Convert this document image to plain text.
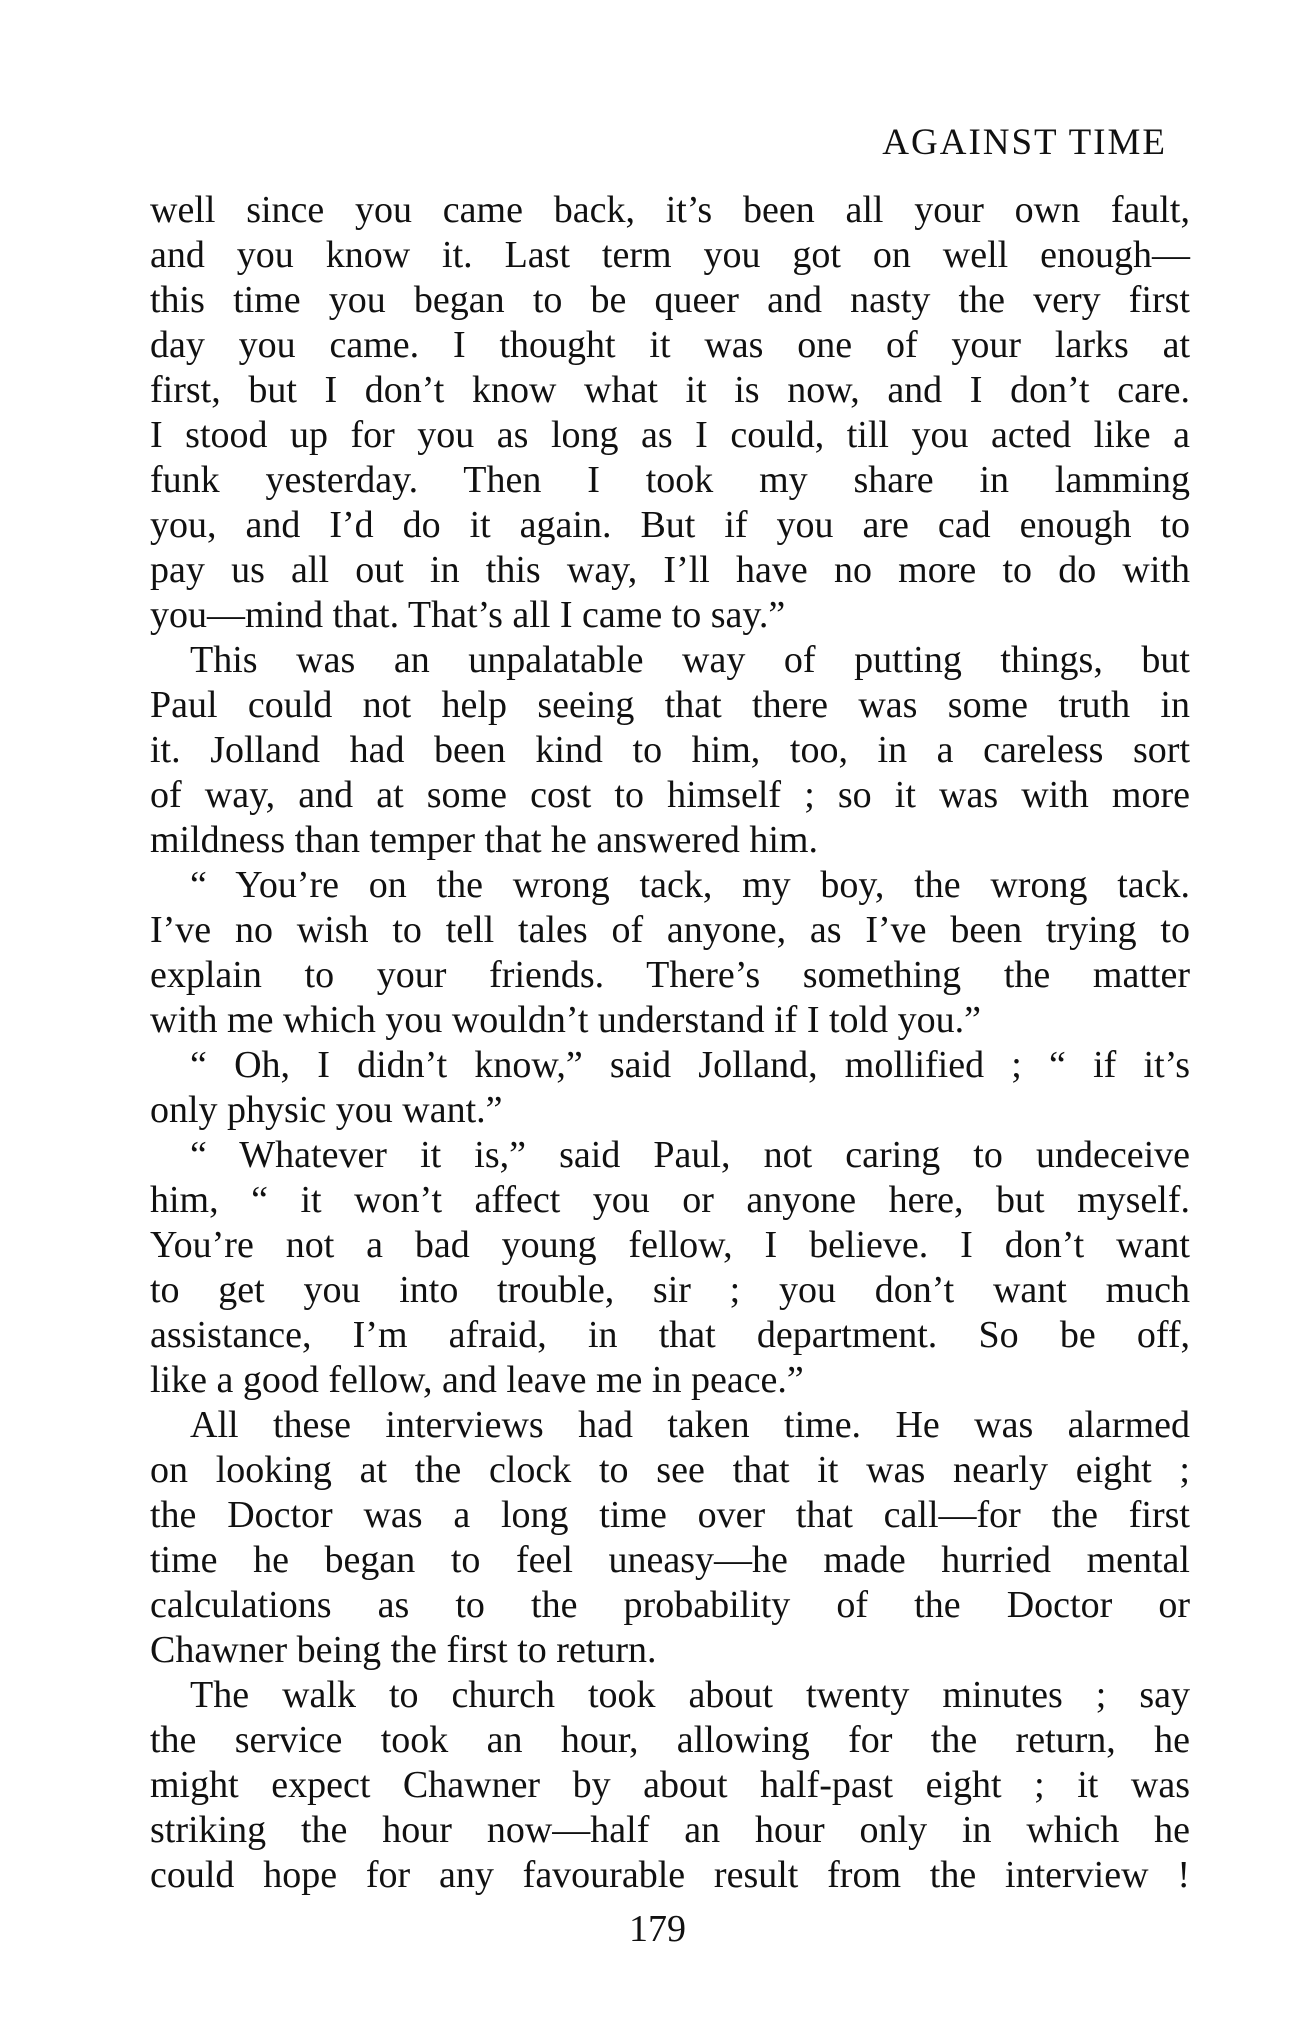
AGAINST TIME
well since you came back, it’s been all your own fault,
and you know it. Last term you got on well enough—
this time you began to be queer and nasty the very first
day you came. I thought it was one of your larks at
first, but I don’t know what it is now, and I don’t care.
I stood up for you as long as I could, till you acted like a
funk yesterday. Then I took my share in lamming
you, and I’d do it again. But if you are cad enough to
pay us all out in this way, I’ll have no more to do with
you—mind that. That’s all I came to say.”
This was an unpalatable way of putting things, but
Paul could not help seeing that there was some truth in
it. Jolland had been kind to him, too, in a careless sort
of way, and at some cost to himself ; so it was with more
mildness than temper that he answered him.
“ You’re on the wrong tack, my boy, the wrong tack.
I’ve no wish to tell tales of anyone, as I’ve been trying to
explain to your friends. There’s something the matter
with me which you wouldn’t understand if I told you.”
“ Oh, I didn’t know,” said Jolland, mollified ; “ if it’s
only physic you want.”
“ Whatever it is,” said Paul, not caring to undeceive
him, “ it won’t affect you or anyone here, but myself.
You’re not a bad young fellow, I believe. I don’t want
to get you into trouble, sir ; you don’t want much
assistance, I’m afraid, in that department. So be off,
like a good fellow, and leave me in peace.”
All these interviews had taken time. He was alarmed
on looking at the clock to see that it was nearly eight ;
the Doctor was a long time over that call—for the first
time he began to feel uneasy—he made hurried mental
calculations as to the probability of the Doctor or
Chawner being the first to return.
The walk to church took about twenty minutes ; say
the service took an hour, allowing for the return, he
might expect Chawner by about half-past eight ; it was
striking the hour now—half an hour only in which he
could hope for any favourable result from the interview !
179
